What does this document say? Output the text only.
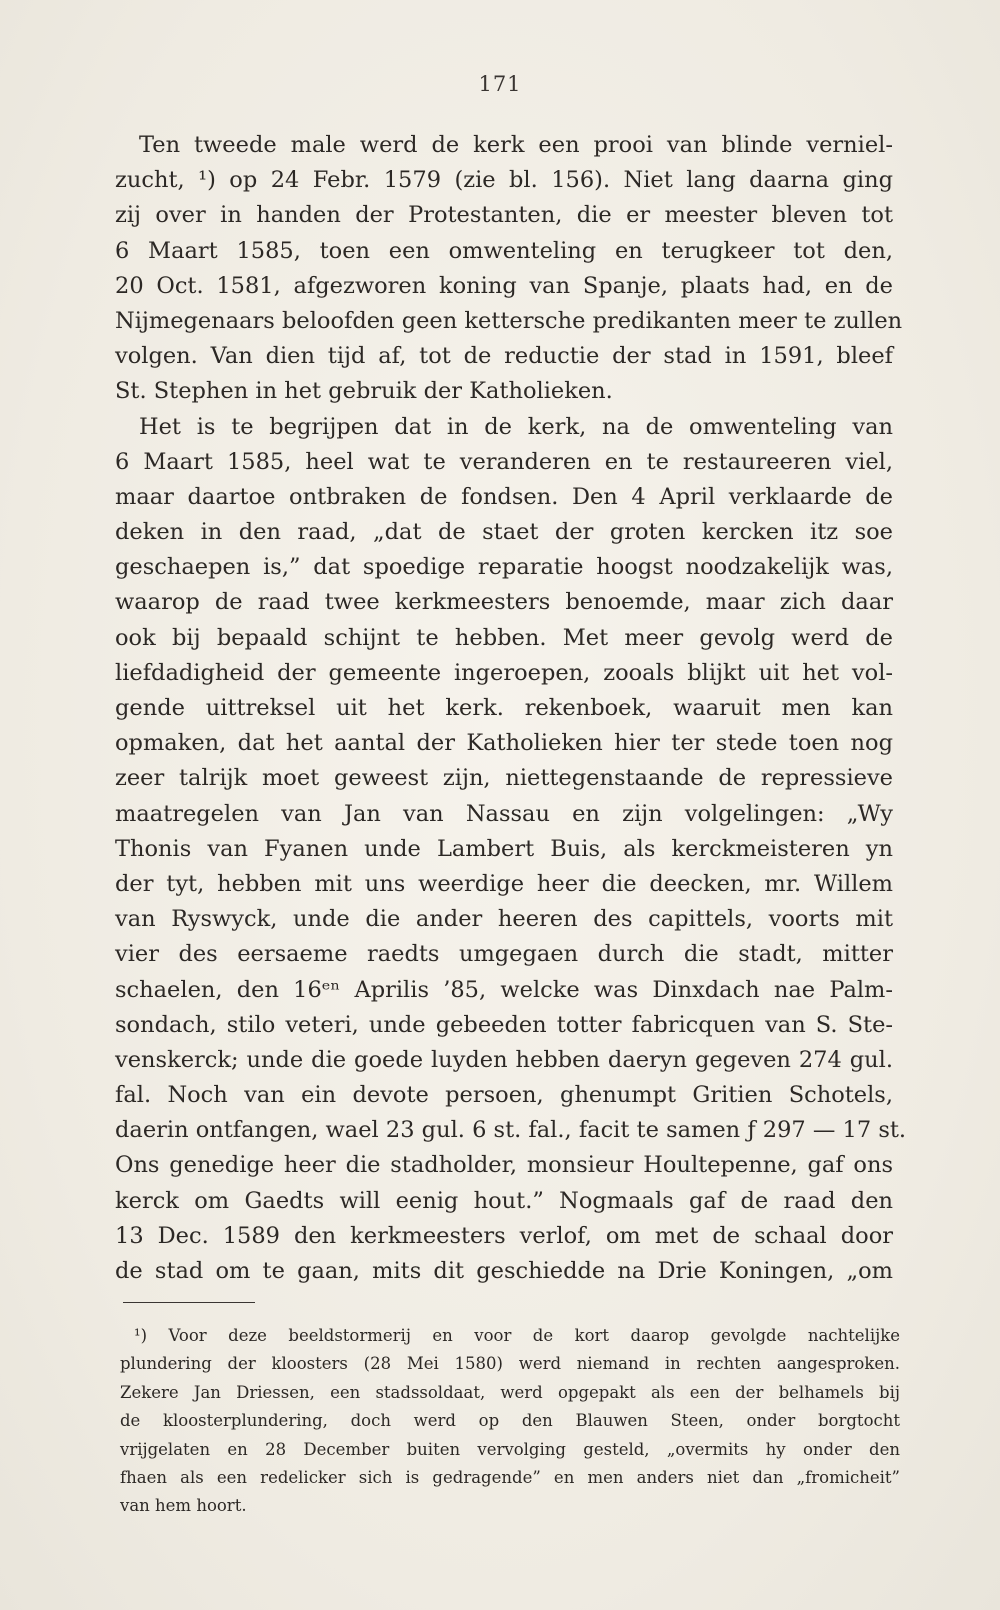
171
Ten tweede male werd de kerk een prooi van blinde verniel-
zucht, ¹) op 24 Febr. 1579 (zie bl. 156). Niet lang daarna ging
zij over in handen der Protestanten, die er meester bleven tot
6 Maart 1585, toen een omwenteling en terugkeer tot den,
20 Oct. 1581, afgezworen koning van Spanje, plaats had, en de
Nijmegenaars beloofden geen kettersche predikanten meer te zullen
volgen. Van dien tijd af, tot de reductie der stad in 1591, bleef
St. Stephen in het gebruik der Katholieken.
Het is te begrijpen dat in de kerk, na de omwenteling van
6 Maart 1585, heel wat te veranderen en te restaureeren viel,
maar daartoe ontbraken de fondsen. Den 4 April verklaarde de
deken in den raad, „dat de staet der groten kercken itz soe
geschaepen is,” dat spoedige reparatie hoogst noodzakelijk was,
waarop de raad twee kerkmeesters benoemde, maar zich daar
ook bij bepaald schijnt te hebben. Met meer gevolg werd de
liefdadigheid der gemeente ingeroepen, zooals blijkt uit het vol-
gende uittreksel uit het kerk. rekenboek, waaruit men kan
opmaken, dat het aantal der Katholieken hier ter stede toen nog
zeer talrijk moet geweest zijn, niettegenstaande de repressieve
maatregelen van Jan van Nassau en zijn volgelingen: „Wy
Thonis van Fyanen unde Lambert Buis, als kerckmeisteren yn
der tyt, hebben mit uns weerdige heer die deecken, mr. Willem
van Ryswyck, unde die ander heeren des capittels, voorts mit
vier des eersaeme raedts umgegaen durch die stadt, mitter
schaelen, den 16ᵉⁿ Aprilis ’85, welcke was Dinxdach nae Palm-
sondach, stilo veteri, unde gebeeden totter fabricquen van S. Ste-
venskerck; unde die goede luyden hebben daeryn gegeven 274 gul.
fal. Noch van ein devote persoen, ghenumpt Gritien Schotels,
daerin ontfangen, wael 23 gul. 6 st. fal., facit te samen ƒ 297 — 17 st.
Ons genedige heer die stadholder, monsieur Houltepenne, gaf ons
kerck om Gaedts will eenig hout.” Nogmaals gaf de raad den
13 Dec. 1589 den kerkmeesters verlof, om met de schaal door
de stad om te gaan, mits dit geschiedde na Drie Koningen, „om
¹) Voor deze beeldstormerij en voor de kort daarop gevolgde nachtelijke
plundering der kloosters (28 Mei 1580) werd niemand in rechten aangesproken.
Zekere Jan Driessen, een stadssoldaat, werd opgepakt als een der belhamels bij
de kloosterplundering, doch werd op den Blauwen Steen, onder borgtocht
vrijgelaten en 28 December buiten vervolging gesteld, „overmits hy onder den
fhaen als een redelicker sich is gedragende” en men anders niet dan „fromicheit”
van hem hoort.
